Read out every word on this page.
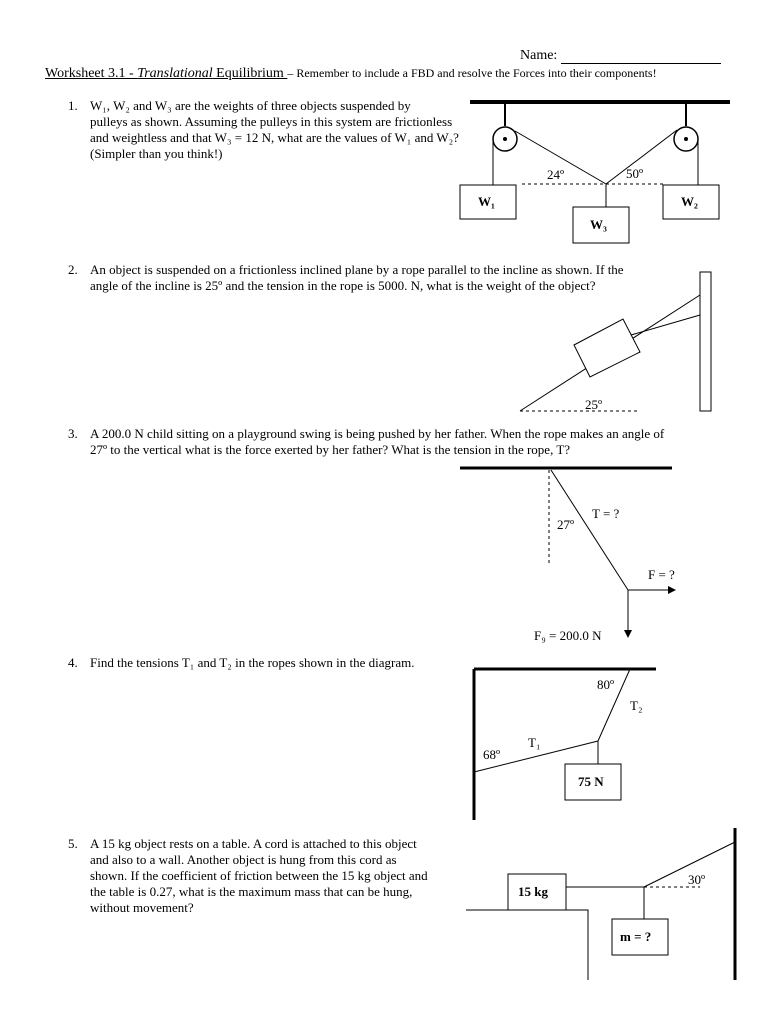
Name:
Worksheet 3.1 - Translational Equilibrium – Remember to include a FBD and resolve the Forces into their components!
1. W₁, W₂ and W₃ are the weights of three objects suspended by
pulleys as shown. Assuming the pulleys in this system are frictionless
and weightless and that W₃ = 12 N, what are the values of W₁ and W₂?
(Simpler than you think!)
24º	50º
W₁	W₂
W₃
25º
27º
T = ?
F = ?
F₉ = 200.0 N
75 N
80º
T₂
T₁
68º
15 kg
m = ?
30º
2. An object is suspended on a frictionless inclined plane by a rope parallel to the incline as shown. If the
angle of the incline is 25º and the tension in the rope is 5000. N, what is the weight of the object?
3. A 200.0 N child sitting on a playground swing is being pushed by her father. When the rope makes an angle of
27º to the vertical what is the force exerted by her father? What is the tension in the rope, T?
4. Find the tensions T₁ and T₂ in the ropes shown in the diagram.
5. A 15 kg object rests on a table. A cord is attached to this object
and also to a wall. Another object is hung from this cord as
shown. If the coefficient of friction between the 15 kg object and
the table is 0.27, what is the maximum mass that can be hung,
without movement?
